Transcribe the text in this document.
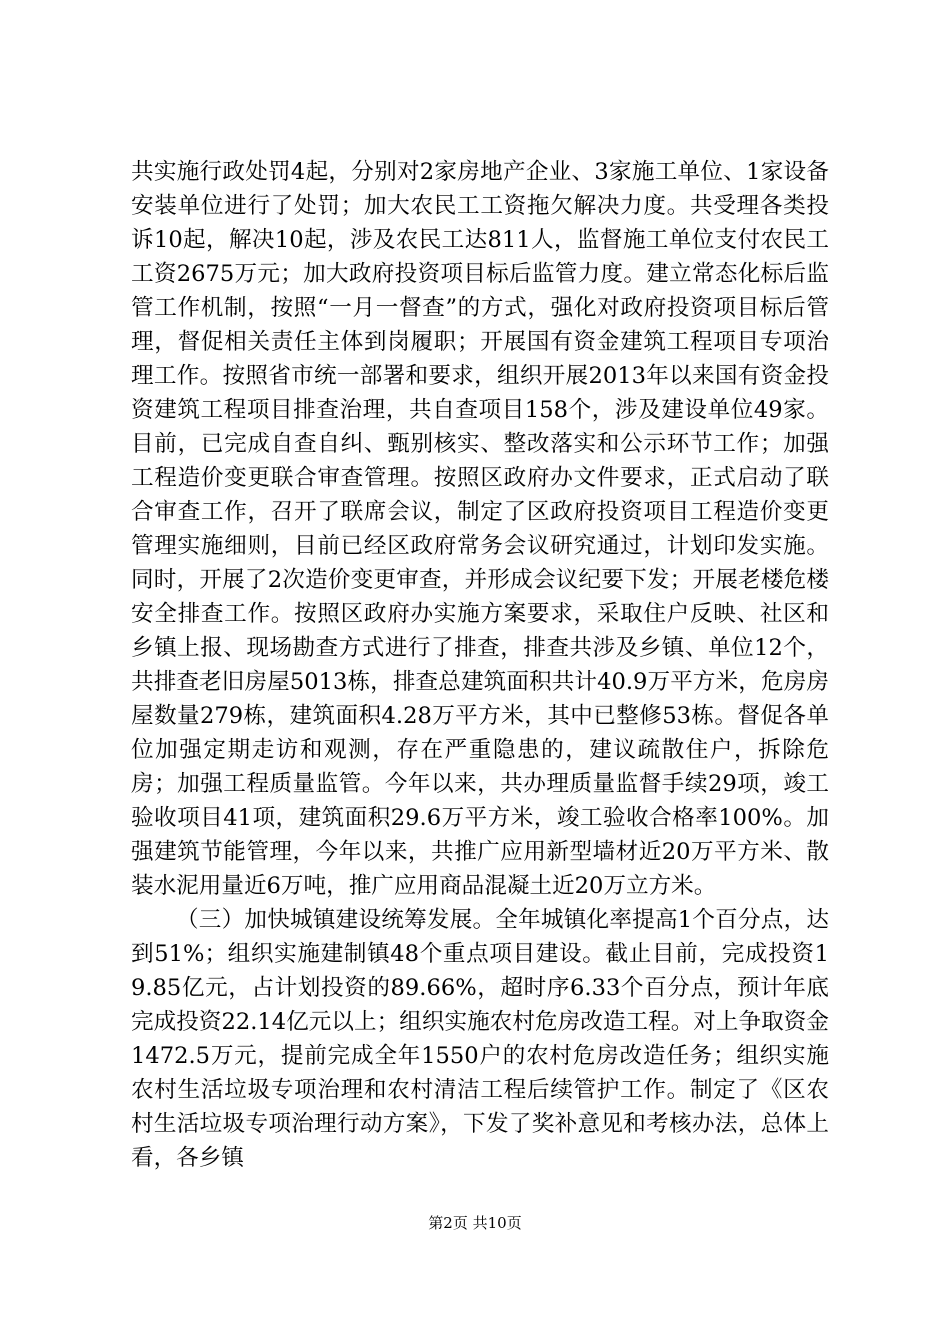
共实施行政处罚4起，分别对2家房地产企业、3家施工单位、1家设备安装单位进行了处罚；加大农民工工资拖欠解决力度。共受理各类投诉10起，解决10起，涉及农民工达811人，监督施工单位支付农民工工资2675万元；加大政府投资项目标后监管力度。建立常态化标后监管工作机制，按照“一月一督查”的方式，强化对政府投资项目标后管理，督促相关责任主体到岗履职；开展国有资金建筑工程项目专项治理工作。按照省市统一部署和要求，组织开展2013年以来国有资金投资建筑工程项目排查治理，共自查项目158个，涉及建设单位49家。目前，已完成自查自纠、甄别核实、整改落实和公示环节工作；加强工程造价变更联合审查管理。按照区政府办文件要求，正式启动了联合审查工作，召开了联席会议，制定了区政府投资项目工程造价变更管理实施细则，目前已经区政府常务会议研究通过，计划印发实施。同时，开展了2次造价变更审查，并形成会议纪要下发；开展老楼危楼安全排查工作。按照区政府办实施方案要求，采取住户反映、社区和乡镇上报、现场勘查方式进行了排查，排查共涉及乡镇、单位12个，共排查老旧房屋5013栋，排查总建筑面积共计40.9万平方米，危房房屋数量279栋，建筑面积4.28万平方米，其中已整修53栋。督促各单位加强定期走访和观测，存在严重隐患的，建议疏散住户，拆除危房；加强工程质量监管。今年以来，共办理质量监督手续29项，竣工验收项目41项，建筑面积29.6万平方米，竣工验收合格率100%。加强建筑节能管理，今年以来，共推广应用新型墙材近20万平方米、散装水泥用量近6万吨，推广应用商品混凝土近20万立方米。

（三）加快城镇建设统筹发展。全年城镇化率提高1个百分点，达到51%；组织实施建制镇48个重点项目建设。截止目前，完成投资19.85亿元，占计划投资的89.66%，超时序6.33个百分点，预计年底完成投资22.14亿元以上；组织实施农村危房改造工程。对上争取资金1472.5万元，提前完成全年1550户的农村危房改造任务；组织实施农村生活垃圾专项治理和农村清洁工程后续管护工作。制定了《区农村生活垃圾专项治理行动方案》，下发了奖补意见和考核办法，总体上看，各乡镇

第2页 共10页
